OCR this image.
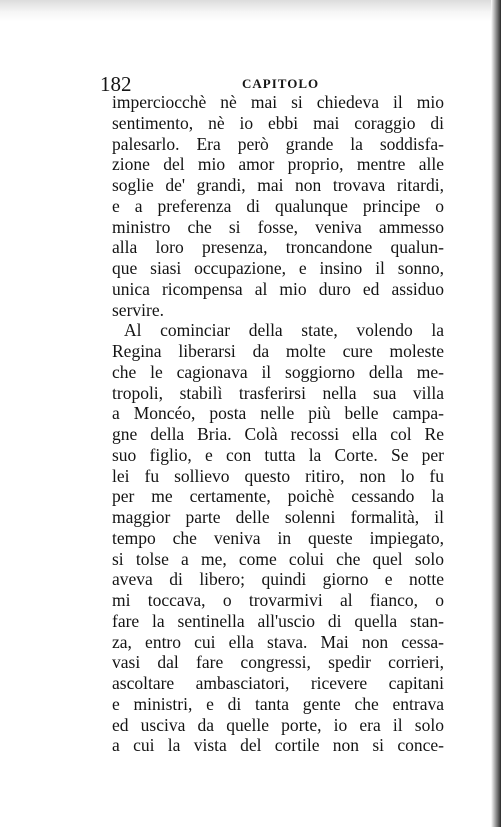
182	CAPITOLO
imperciocchè nè mai si chiedeva il mio
sentimento, nè io ebbi mai coraggio di
palesarlo. Era però grande la soddisfa-
zione del mio amor proprio, mentre alle
soglie de' grandi, mai non trovava ritardi,
e a preferenza di qualunque principe o
ministro che si fosse, veniva ammesso
alla loro presenza, troncandone qualun-
que siasi occupazione, e insino il sonno,
unica ricompensa al mio duro ed assiduo
servire.
Al cominciar della state, volendo la
Regina liberarsi da molte cure moleste
che le cagionava il soggiorno della me-
tropoli, stabilì trasferirsi nella sua villa
a Moncéo, posta nelle più belle campa-
gne della Bria. Colà recossi ella col Re
suo figlio, e con tutta la Corte. Se per
lei fu sollievo questo ritiro, non lo fu
per me certamente, poichè cessando la
maggior parte delle solenni formalità, il
tempo che veniva in queste impiegato,
si tolse a me, come colui che quel solo
aveva di libero; quindi giorno e notte
mi toccava, o trovarmivi al fianco, o
fare la sentinella all'uscio di quella stan-
za, entro cui ella stava. Mai non cessa-
vasi dal fare congressi, spedir corrieri,
ascoltare ambasciatori, ricevere capitani
e ministri, e di tanta gente che entrava
ed usciva da quelle porte, io era il solo
a cui la vista del cortile non si conce-
